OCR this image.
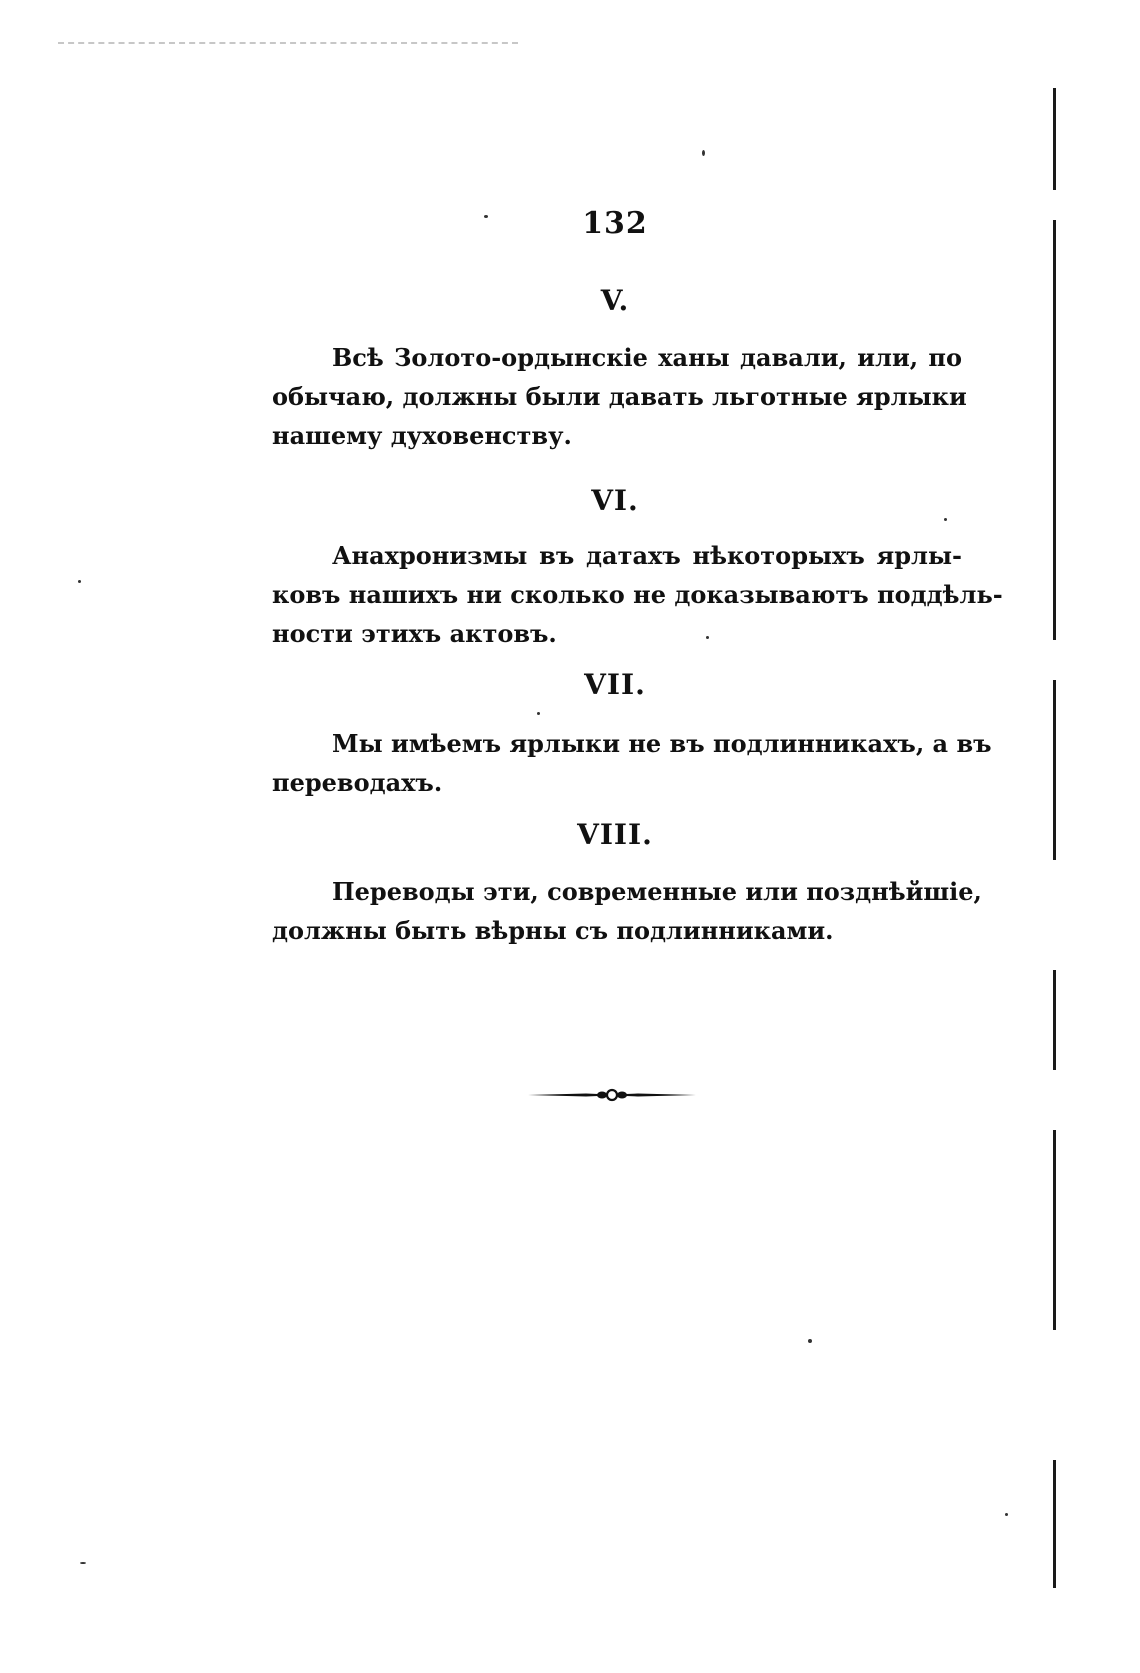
132
V.
Всѣ Золото-ордынскіе ханы давали, или, по
обычаю, должны были давать льготные ярлыки
нашему духовенству.
VI.
Анахронизмы въ датахъ нѣкоторыхъ ярлы-
ковъ нашихъ ни сколько не доказываютъ поддѣль-
ности этихъ актовъ.
VII.
Мы имѣемъ ярлыки не въ подлинникахъ, а въ
переводахъ.
VIII.
Переводы эти, современные или позднѣйшіе,
должны быть вѣрны съ подлинниками.
